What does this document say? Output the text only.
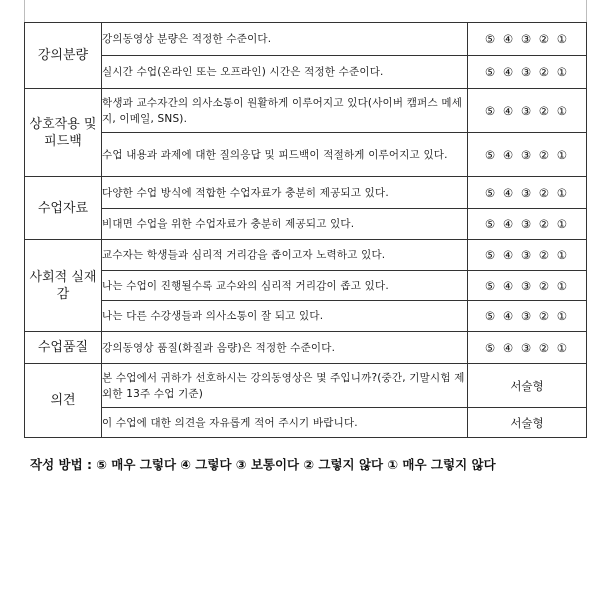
강의분량	강의동영상 분량은 적정한 수준이다.	⑤ ④ ③ ② ①
	실시간 수업(온라인 또는 오프라인) 시간은 적정한 수준이다.	⑤ ④ ③ ② ①
상호작용 및 피드백	학생과 교수자간의 의사소통이 원활하게 이루어지고 있다(사이버 캠퍼스 메세지, 이메일, SNS).	⑤ ④ ③ ② ①
	수업 내용과 과제에 대한 질의응답 및 피드백이 적절하게 이루어지고 있다.	⑤ ④ ③ ② ①
수업자료	다양한 수업 방식에 적합한 수업자료가 충분히 제공되고 있다.	⑤ ④ ③ ② ①
	비대면 수업을 위한 수업자료가 충분히 제공되고 있다.	⑤ ④ ③ ② ①
사회적 실재감	교수자는 학생들과 심리적 거리감을 좁이고자 노력하고 있다.	⑤ ④ ③ ② ①
	나는 수업이 진행될수록 교수와의 심리적 거리감이 좁고 있다.	⑤ ④ ③ ② ①
	나는 다른 수강생들과 의사소통이 잘 되고 있다.	⑤ ④ ③ ② ①
수업품질	강의동영상 품질(화질과 음량)은 적정한 수준이다.	⑤ ④ ③ ② ①
의견	본 수업에서 귀하가 선호하시는 강의동영상은 몇 주입니까?(중간, 기말시험 제외한 13주 수업 기준)	서술형
	이 수업에 대한 의견을 자유롭게 적어 주시기 바랍니다.	서술형
작성 방법 : ⑤ 매우 그렇다 ④ 그렇다 ③ 보통이다 ② 그렇지 않다 ① 매우 그렇지 않다
